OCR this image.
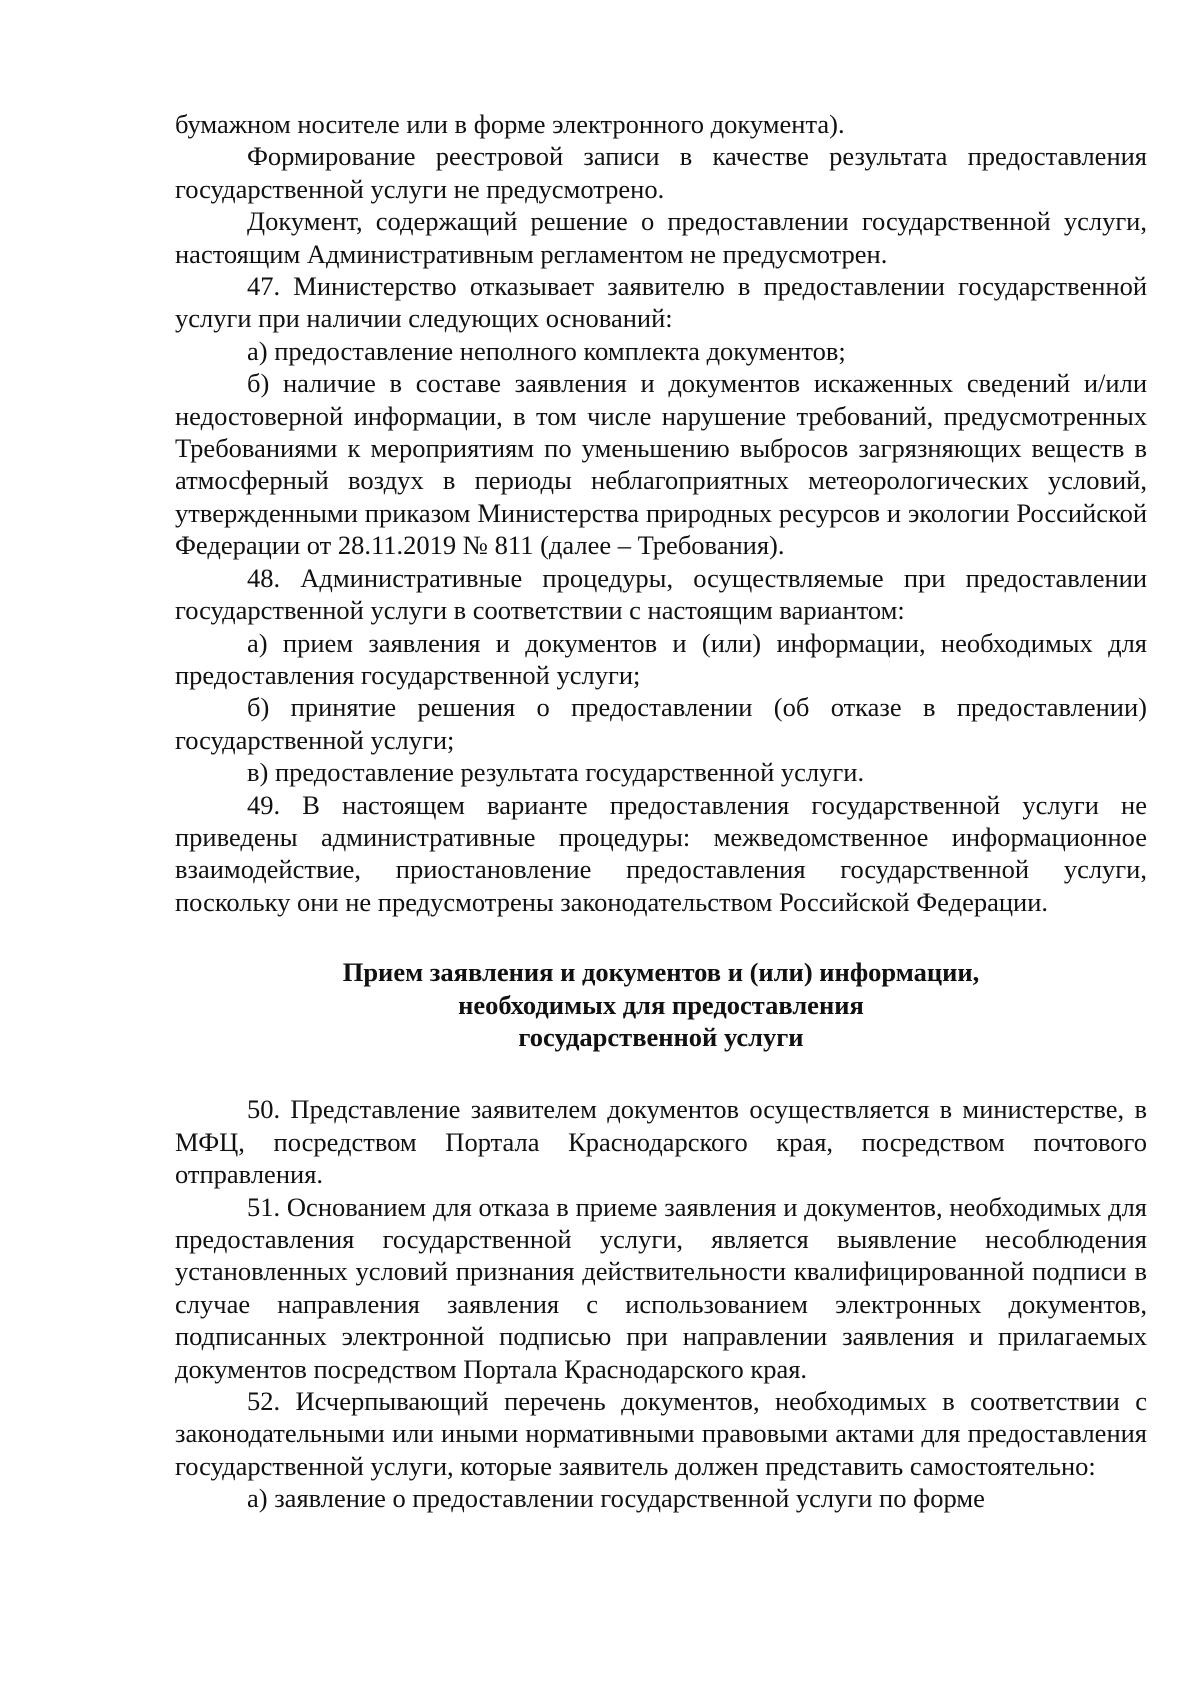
бумажном носителе или в форме электронного документа).

Формирование реестровой записи в качестве результата предоставления государственной услуги не предусмотрено.

Документ, содержащий решение о предоставлении государственной услуги, настоящим Административным регламентом не предусмотрен.

47. Министерство отказывает заявителю в предоставлении государственной услуги при наличии следующих оснований:

а) предоставление неполного комплекта документов;

б) наличие в составе заявления и документов искаженных сведений и/или недостоверной информации, в том числе нарушение требований, предусмотренных Требованиями к мероприятиям по уменьшению выбросов загрязняющих веществ в атмосферный воздух в периоды неблагоприятных метеорологических условий, утвержденными приказом Министерства природных ресурсов и экологии Российской Федерации от 28.11.2019 № 811 (далее – Требования).

48. Административные процедуры, осуществляемые при предоставлении государственной услуги в соответствии с настоящим вариантом:

а) прием заявления и документов и (или) информации, необходимых для предоставления государственной услуги;

б) принятие решения о предоставлении (об отказе в предоставлении) государственной услуги;

в) предоставление результата государственной услуги.

49. В настоящем варианте предоставления государственной услуги не приведены административные процедуры: межведомственное информационное взаимодействие, приостановление предоставления государственной услуги, поскольку они не предусмотрены законодательством Российской Федерации.

Прием заявления и документов и (или) информации,
необходимых для предоставления
государственной услуги

50. Представление заявителем документов осуществляется в министерстве, в МФЦ, посредством Портала Краснодарского края, посредством почтового отправления.

51. Основанием для отказа в приеме заявления и документов, необходимых для предоставления государственной услуги, является выявление несоблюдения установленных условий признания действительности квалифицированной подписи в случае направления заявления с использованием электронных документов, подписанных электронной подписью при направлении заявления и прилагаемых документов посредством Портала Краснодарского края.

52. Исчерпывающий перечень документов, необходимых в соответствии с законодательными или иными нормативными правовыми актами для предоставления государственной услуги, которые заявитель должен представить самостоятельно:

а) заявление о предоставлении государственной услуги по форме
